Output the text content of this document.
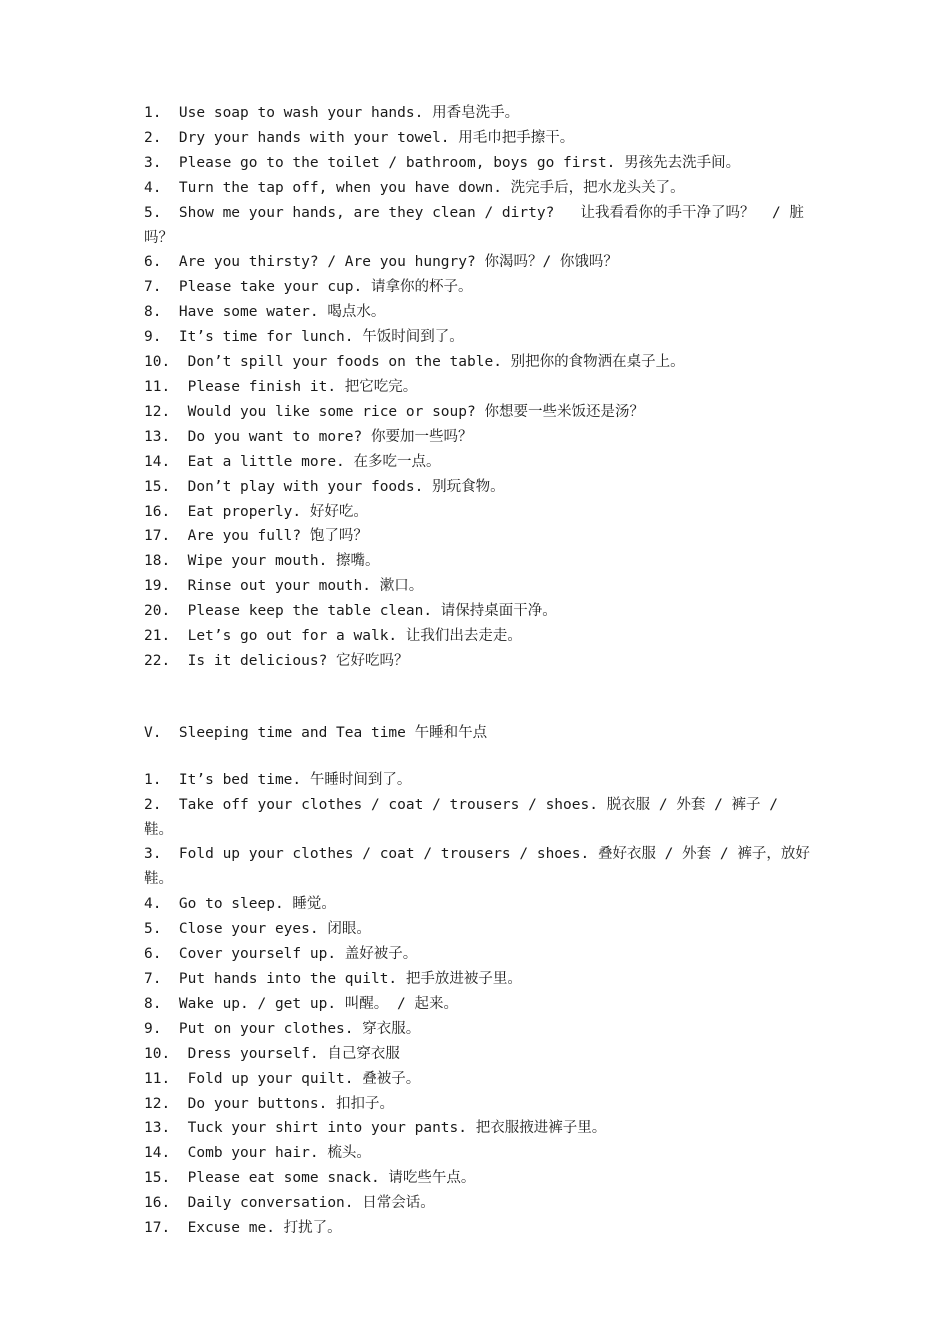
1.  Use soap to wash your hands. 用香皂洗手。
2.  Dry your hands with your towel. 用毛巾把手擦干。
3.  Please go to the toilet / bathroom, boys go first. 男孩先去洗手间。
4.  Turn the tap off, when you have down. 洗完手后，把水龙头关了。
5.  Show me your hands, are they clean / dirty?   让我看看你的手干净了吗？  / 脏吗？
6.  Are you thirsty? / Are you hungry? 你渴吗？/ 你饿吗？
7.  Please take your cup. 请拿你的杯子。
8.  Have some water. 喝点水。
9.  It’s time for lunch. 午饭时间到了。
10.  Don’t spill your foods on the table. 别把你的食物洒在桌子上。
11.  Please finish it. 把它吃完。
12.  Would you like some rice or soup? 你想要一些米饭还是汤？
13.  Do you want to more? 你要加一些吗？
14.  Eat a little more. 在多吃一点。
15.  Don’t play with your foods. 别玩食物。
16.  Eat properly. 好好吃。
17.  Are you full? 饱了吗？
18.  Wipe your mouth. 擦嘴。
19.  Rinse out your mouth. 漱口。
20.  Please keep the table clean. 请保持桌面干净。
21.  Let’s go out for a walk. 让我们出去走走。
22.  Is it delicious? 它好吃吗？
V.  Sleeping time and Tea time 午睡和午点
1.  It’s bed time. 午睡时间到了。
2.  Take off your clothes / coat / trousers / shoes. 脱衣服 / 外套 / 裤子 / 鞋。
3.  Fold up your clothes / coat / trousers / shoes. 叠好衣服 / 外套 / 裤子，放好鞋。
4.  Go to sleep. 睡觉。
5.  Close your eyes. 闭眼。
6.  Cover yourself up. 盖好被子。
7.  Put hands into the quilt. 把手放进被子里。
8.  Wake up. / get up. 叫醒。 / 起来。
9.  Put on your clothes. 穿衣服。
10.  Dress yourself. 自己穿衣服
11.  Fold up your quilt. 叠被子。
12.  Do your buttons. 扣扣子。
13.  Tuck your shirt into your pants. 把衣服掖进裤子里。
14.  Comb your hair. 梳头。
15.  Please eat some snack. 请吃些午点。
16.  Daily conversation. 日常会话。
17.  Excuse me. 打扰了。
